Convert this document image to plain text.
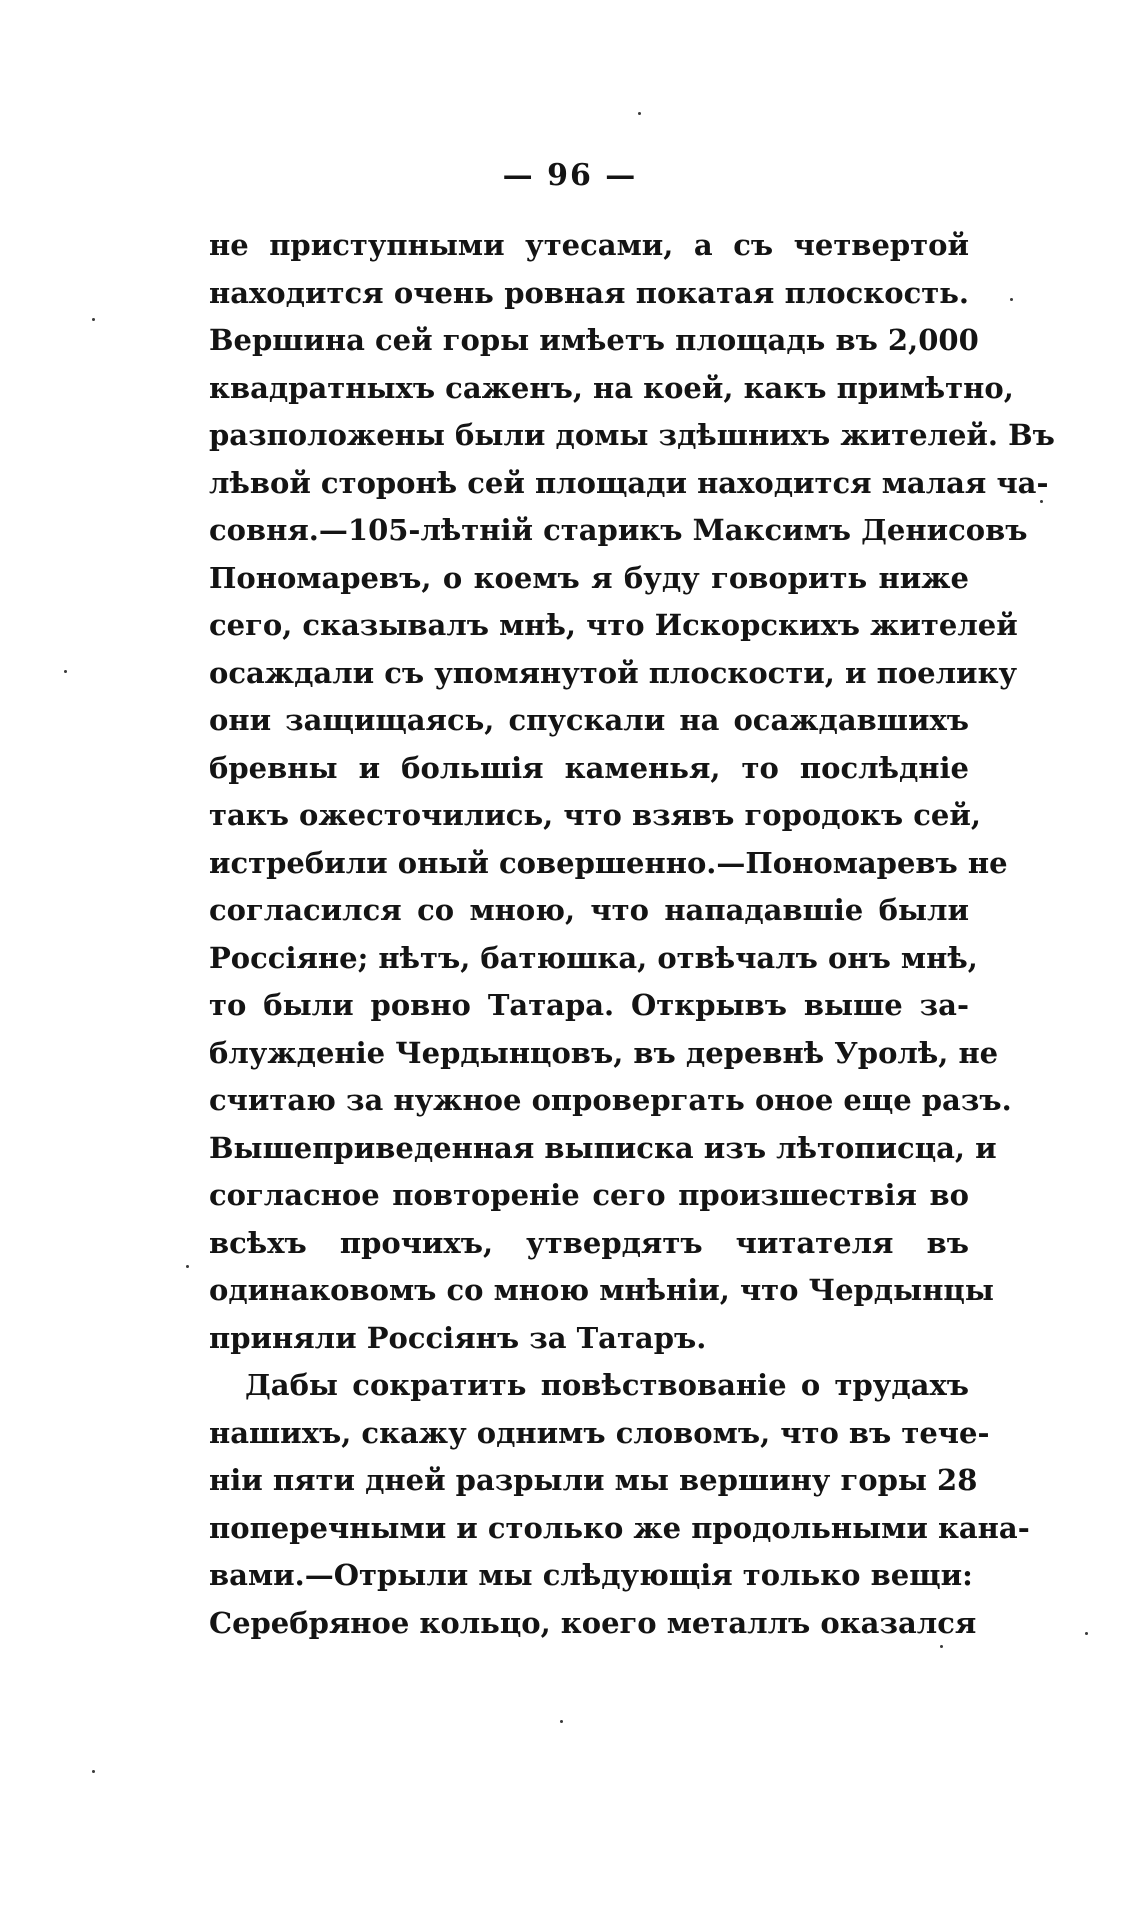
— 96 —
не приступными утесами, а съ четвертой
находится очень ровная покатая плоскость.
Вершина сей горы имѣетъ площадь въ 2,000
квадратныхъ саженъ, на коей, какъ примѣтно,
разположены были домы здѣшнихъ жителей. Въ
лѣвой сторонѣ сей площади находится малая ча-
совня.—105-лѣтній старикъ Максимъ Денисовъ
Пономаревъ, о коемъ я буду говорить ниже
сего, сказывалъ мнѣ, что Искорскихъ жителей
осаждали съ упомянутой плоскости, и поелику
они защищаясь, спускали на осаждавшихъ
бревны и большія каменья, то послѣдніе
такъ ожесточились, что взявъ городокъ сей,
истребили оный совершенно.—Пономаревъ не
согласился со мною, что нападавшіе были
Россіяне; нѣтъ, батюшка, отвѣчалъ онъ мнѣ,
то были ровно Татара. Открывъ выше за-
блужденіе Чердынцовъ, въ деревнѣ Уролѣ, не
считаю за нужное опровергать оное еще разъ.
Вышеприведенная выписка изъ лѣтописца, и
согласное повтореніе сего произшествія во
всѣхъ прочихъ, утвердятъ читателя въ
одинаковомъ со мною мнѣніи, что Чердынцы
приняли Россіянъ за Татаръ.
Дабы сократить повѣствованіе о трудахъ
нашихъ, скажу однимъ словомъ, что въ тече-
ніи пяти дней разрыли мы вершину горы 28
поперечными и столько же продольными кана-
вами.—Отрыли мы слѣдующія только вещи:
Серебряное кольцо, коего металлъ оказался
